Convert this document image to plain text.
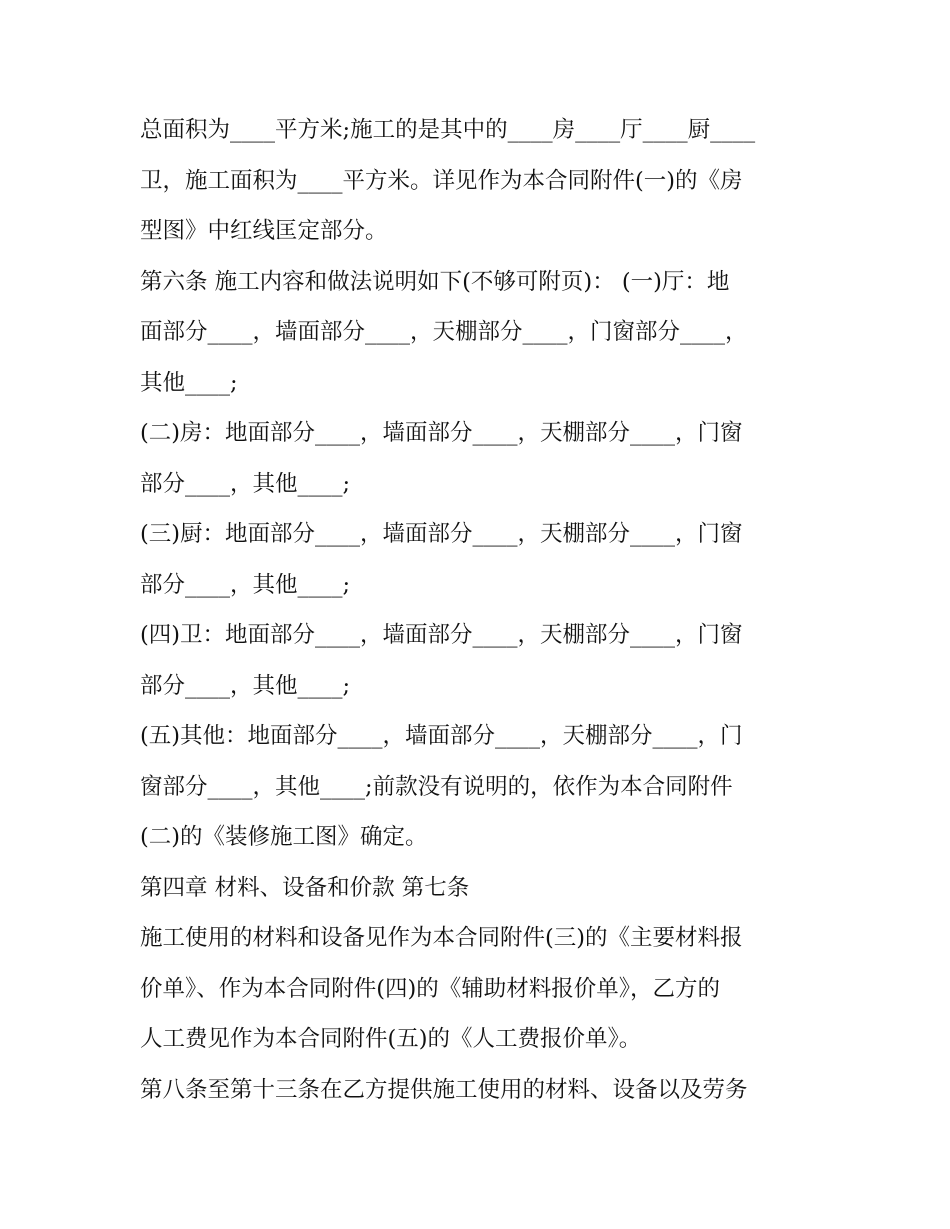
总面积为____平方米;施工的是其中的____房____厅____厨____
卫，施工面积为____平方米。详见作为本合同附件(一)的《房
型图》中红线匡定部分。
第六条 施工内容和做法说明如下(不够可附页)： (一)厅：地
面部分____，墙面部分____，天棚部分____，门窗部分____，
其他____;
(二)房：地面部分____，墙面部分____，天棚部分____，门窗
部分____，其他____;
(三)厨：地面部分____，墙面部分____，天棚部分____，门窗
部分____，其他____;
(四)卫：地面部分____，墙面部分____，天棚部分____，门窗
部分____，其他____;
(五)其他：地面部分____，墙面部分____，天棚部分____，门
窗部分____，其他____;前款没有说明的，依作为本合同附件
(二)的《装修施工图》确定。
第四章 材料、设备和价款 第七条
施工使用的材料和设备见作为本合同附件(三)的《主要材料报
价单》、作为本合同附件(四)的《辅助材料报价单》，乙方的
人工费见作为本合同附件(五)的《人工费报价单》。
第八条至第十三条在乙方提供施工使用的材料、设备以及劳务
